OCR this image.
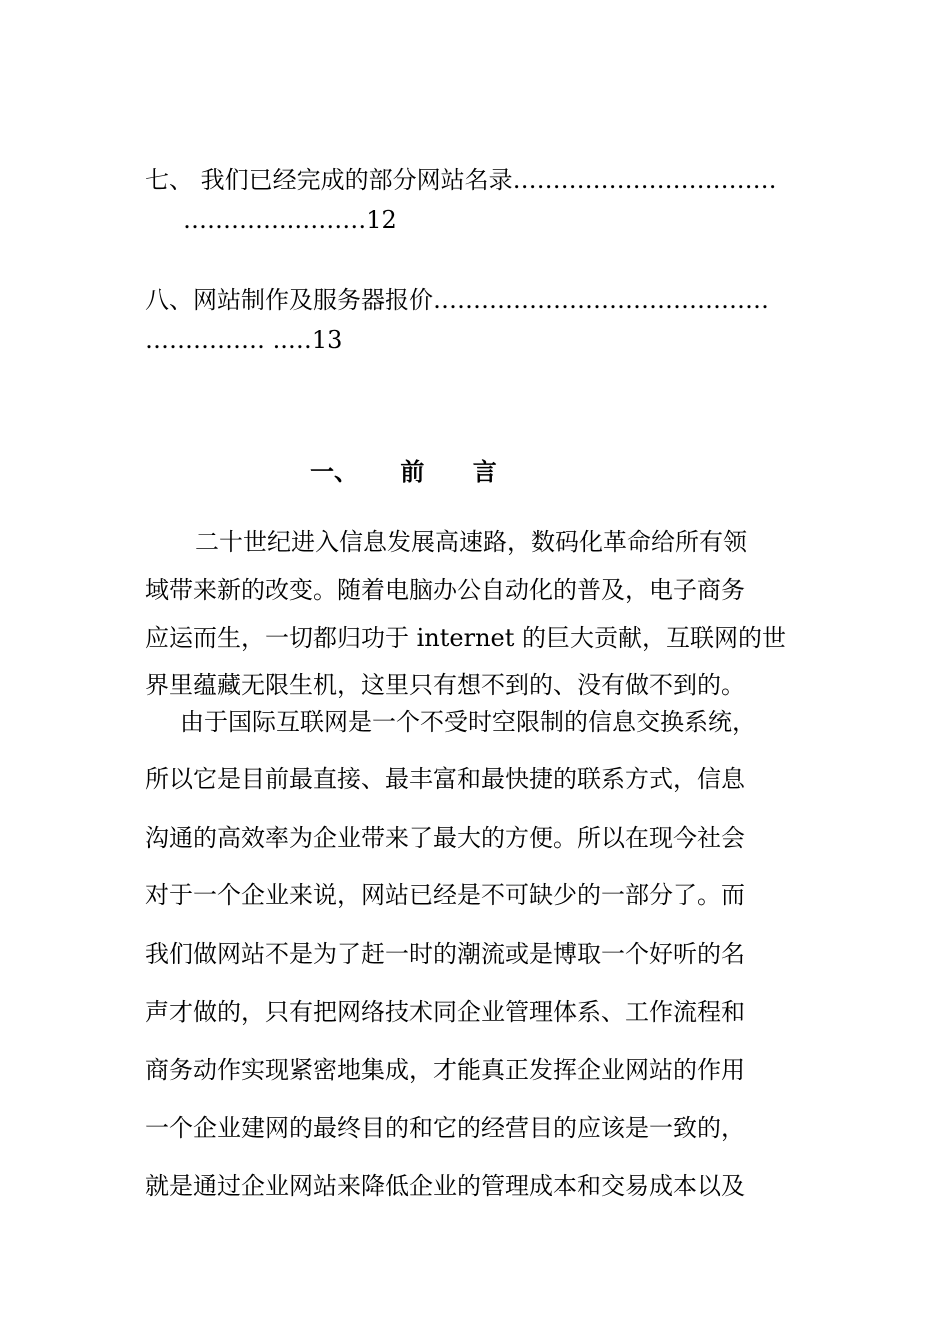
七、 我们已经完成的部分网站名录……………………………
…………..………12
八、网站制作及服务器报价……………………………………
…………… ..…13
一、 前 言
二十世纪进入信息发展高速路，数码化革命给所有领
域带来新的改变。随着电脑办公自动化的普及，电子商务
应运而生，一切都归功于 internet 的巨大贡献，互联网的世
界里蕴藏无限生机，这里只有想不到的、没有做不到的。
由于国际互联网是一个不受时空限制的信息交换系统，
所以它是目前最直接、最丰富和最快捷的联系方式，信息
沟通的高效率为企业带来了最大的方便。所以在现今社会
对于一个企业来说，网站已经是不可缺少的一部分了。而
我们做网站不是为了赶一时的潮流或是博取一个好听的名
声才做的，只有把网络技术同企业管理体系、工作流程和
商务动作实现紧密地集成，才能真正发挥企业网站的作用
一个企业建网的最终目的和它的经营目的应该是一致的，
就是通过企业网站来降低企业的管理成本和交易成本以及
